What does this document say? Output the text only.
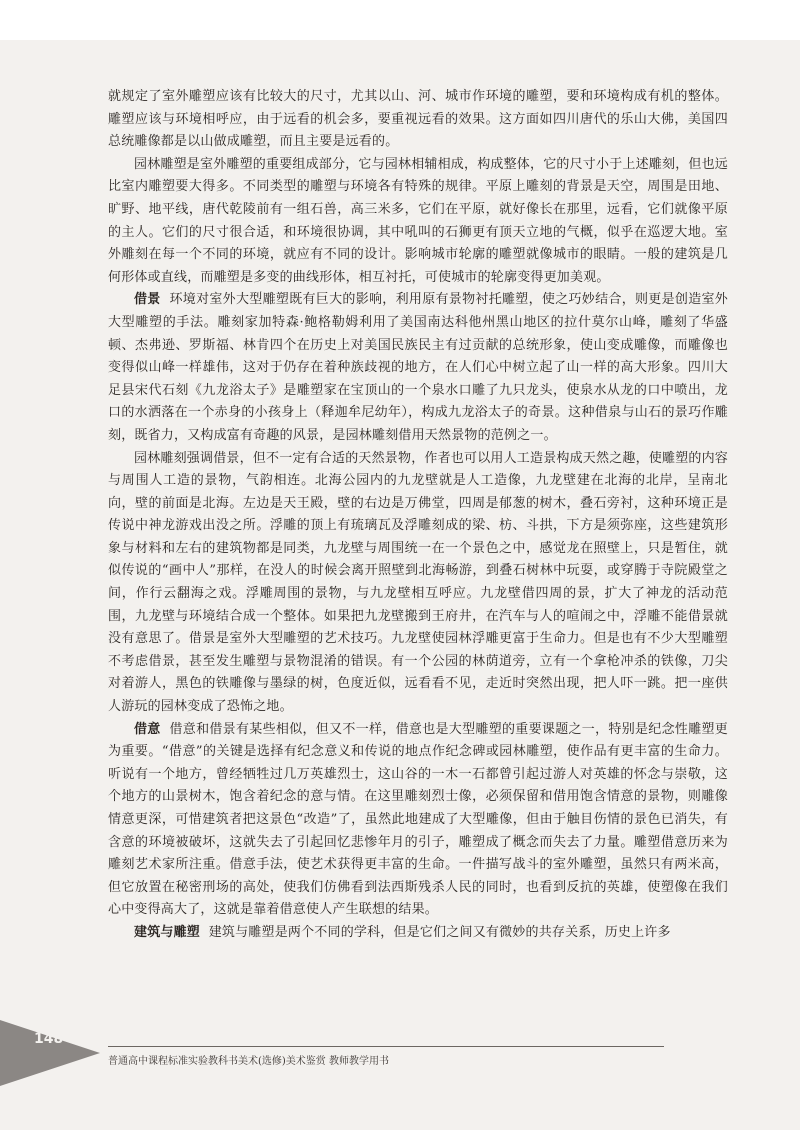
就规定了室外雕塑应该有比较大的尺寸，尤其以山、河、城市作环境的雕塑，要和环境构成有机的整体。雕塑应该与环境相呼应，由于远看的机会多，要重视远看的效果。这方面如四川唐代的乐山大佛，美国四总统雕像都是以山做成雕塑，而且主要是远看的。

园林雕塑是室外雕塑的重要组成部分，它与园林相辅相成，构成整体，它的尺寸小于上述雕刻，但也远比室内雕塑要大得多。不同类型的雕塑与环境各有特殊的规律。平原上雕刻的背景是天空，周围是田地、旷野、地平线，唐代乾陵前有一组石兽，高三米多，它们在平原，就好像长在那里，远看，它们就像平原的主人。它们的尺寸很合适，和环境很协调，其中吼叫的石狮更有顶天立地的气概，似乎在巡逻大地。室外雕刻在每一个不同的环境，就应有不同的设计。影响城市轮廓的雕塑就像城市的眼睛。一般的建筑是几何形体或直线，而雕塑是多变的曲线形体，相互衬托，可使城市的轮廓变得更加美观。

借景 环境对室外大型雕塑既有巨大的影响，利用原有景物衬托雕塑，使之巧妙结合，则更是创造室外大型雕塑的手法。雕刻家加特森·鲍格勒姆利用了美国南达科他州黑山地区的拉什莫尔山峰，雕刻了华盛顿、杰弗逊、罗斯福、林肯四个在历史上对美国民族民主有过贡献的总统形象，使山变成雕像，而雕像也变得似山峰一样雄伟，这对于仍存在着种族歧视的地方，在人们心中树立起了山一样的高大形象。四川大足县宋代石刻《九龙浴太子》是雕塑家在宝顶山的一个泉水口雕了九只龙头，使泉水从龙的口中喷出，龙口的水洒落在一个赤身的小孩身上（释迦牟尼幼年），构成九龙浴太子的奇景。这种借泉与山石的景巧作雕刻，既省力，又构成富有奇趣的风景，是园林雕刻借用天然景物的范例之一。

园林雕刻强调借景，但不一定有合适的天然景物，作者也可以用人工造景构成天然之趣，使雕塑的内容与周围人工造的景物，气韵相连。北海公园内的九龙壁就是人工造像，九龙壁建在北海的北岸，呈南北向，壁的前面是北海。左边是天王殿，壁的右边是万佛堂，四周是郁葱的树木，叠石旁衬，这种环境正是传说中神龙游戏出没之所。浮雕的顶上有琉璃瓦及浮雕刻成的梁、枋、斗拱，下方是须弥座，这些建筑形象与材料和左右的建筑物都是同类，九龙壁与周围统一在一个景色之中，感觉龙在照壁上，只是暂住，就似传说的“画中人”那样，在没人的时候会离开照壁到北海畅游，到叠石树林中玩耍，或穿腾于寺院殿堂之间，作行云翻海之戏。浮雕周围的景物，与九龙壁相互呼应。九龙壁借四周的景，扩大了神龙的活动范围，九龙壁与环境结合成一个整体。如果把九龙壁搬到王府井，在汽车与人的喧闹之中，浮雕不能借景就没有意思了。借景是室外大型雕塑的艺术技巧。九龙壁使园林浮雕更富于生命力。但是也有不少大型雕塑不考虑借景，甚至发生雕塑与景物混淆的错误。有一个公园的林荫道旁，立有一个拿枪冲杀的铁像，刀尖对着游人，黑色的铁雕像与墨绿的树，色度近似，远看看不见，走近时突然出现，把人吓一跳。把一座供人游玩的园林变成了恐怖之地。

借意 借意和借景有某些相似，但又不一样，借意也是大型雕塑的重要课题之一，特别是纪念性雕塑更为重要。“借意”的关键是选择有纪念意义和传说的地点作纪念碑或园林雕塑，使作品有更丰富的生命力。听说有一个地方，曾经牺牲过几万英雄烈士，这山谷的一木一石都曾引起过游人对英雄的怀念与崇敬，这个地方的山景树木，饱含着纪念的意与情。在这里雕刻烈士像，必须保留和借用饱含情意的景物，则雕像情意更深，可惜建筑者把这景色“改造”了，虽然此地建成了大型雕像，但由于触目伤情的景色已消失，有含意的环境被破坏，这就失去了引起回忆悲惨年月的引子，雕塑成了概念而失去了力量。雕塑借意历来为雕刻艺术家所注重。借意手法，使艺术获得更丰富的生命。一件描写战斗的室外雕塑，虽然只有两米高，但它放置在秘密刑场的高处，使我们仿佛看到法西斯残杀人民的同时，也看到反抗的英雄，使塑像在我们心中变得高大了，这就是靠着借意使人产生联想的结果。

建筑与雕塑 建筑与雕塑是两个不同的学科，但是它们之间又有微妙的共存关系，历史上许多

148
普通高中课程标准实验教科书美术(选修)美术鉴赏 教师教学用书
